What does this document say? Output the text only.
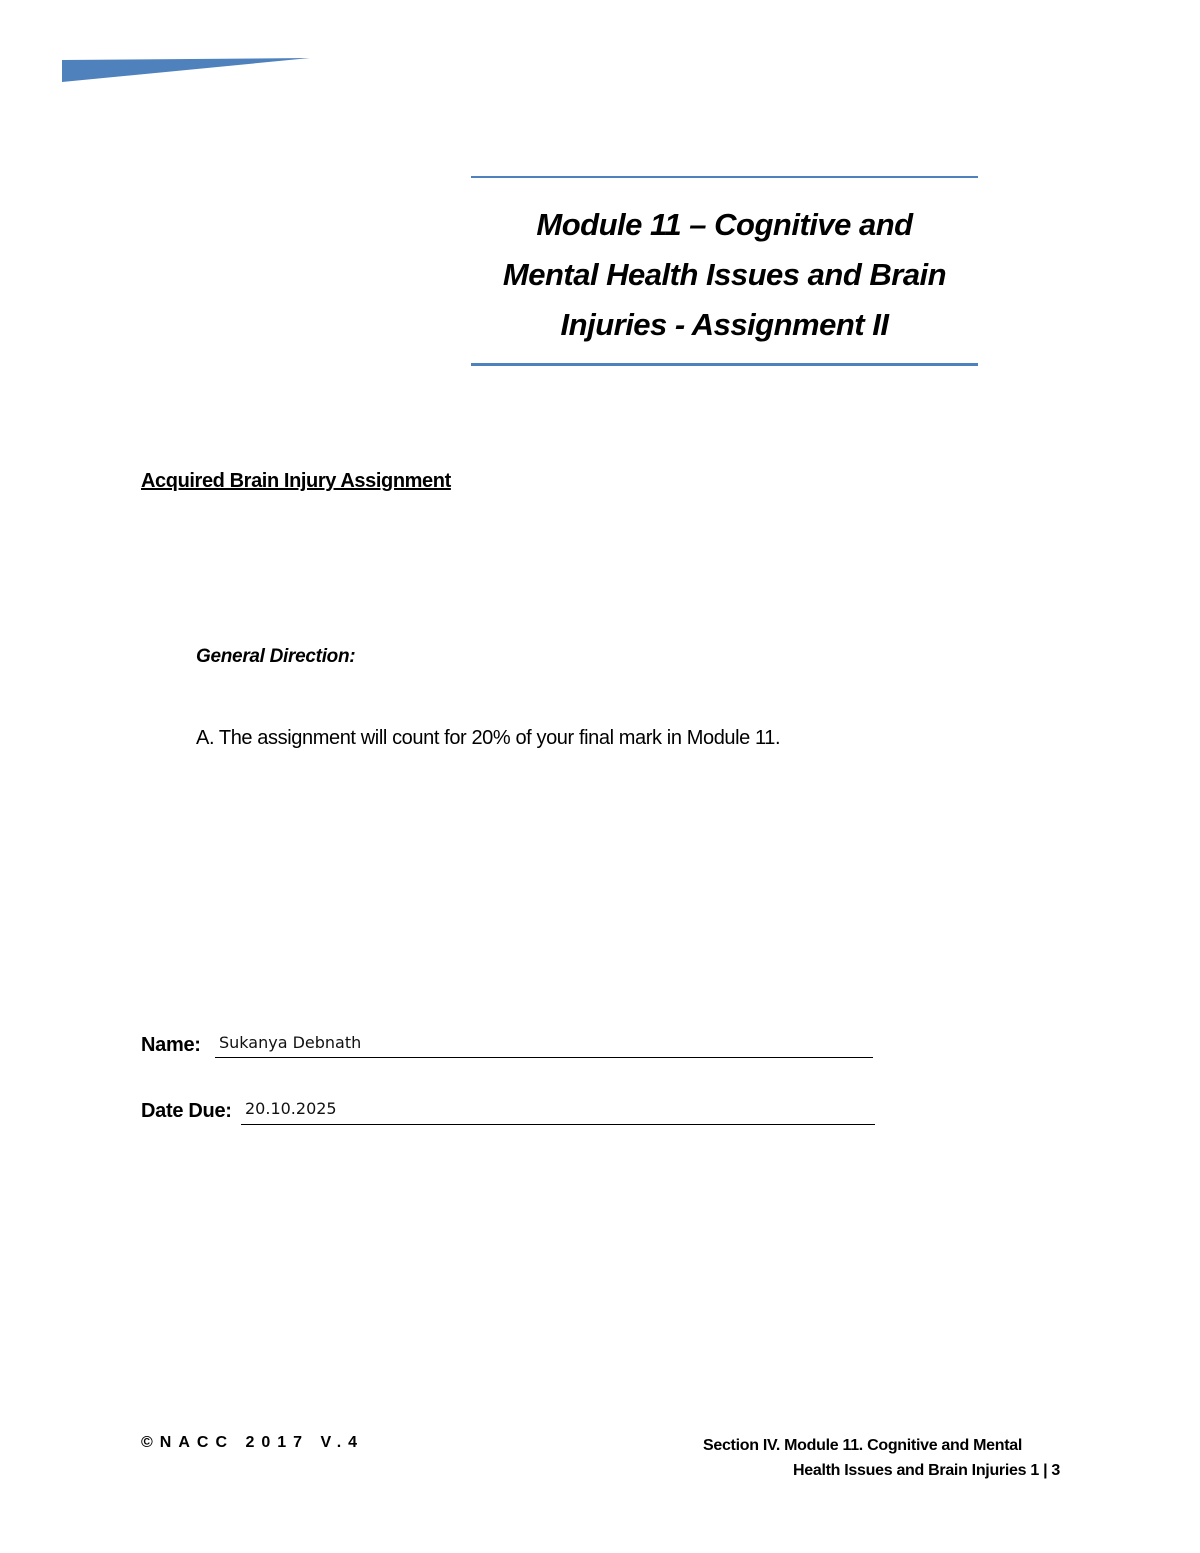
Module 11 – Cognitive and
Mental Health Issues and Brain
Injuries - Assignment II
Acquired Brain Injury Assignment
General Direction:
A. The assignment will count for 20% of your final mark in Module 11.
Name: Sukanya Debnath
Date Due: 20.10.2025
©NACC 2017 V.4	Section IV. Module 11. Cognitive and Mental
Health Issues and Brain Injuries 1 | 3
